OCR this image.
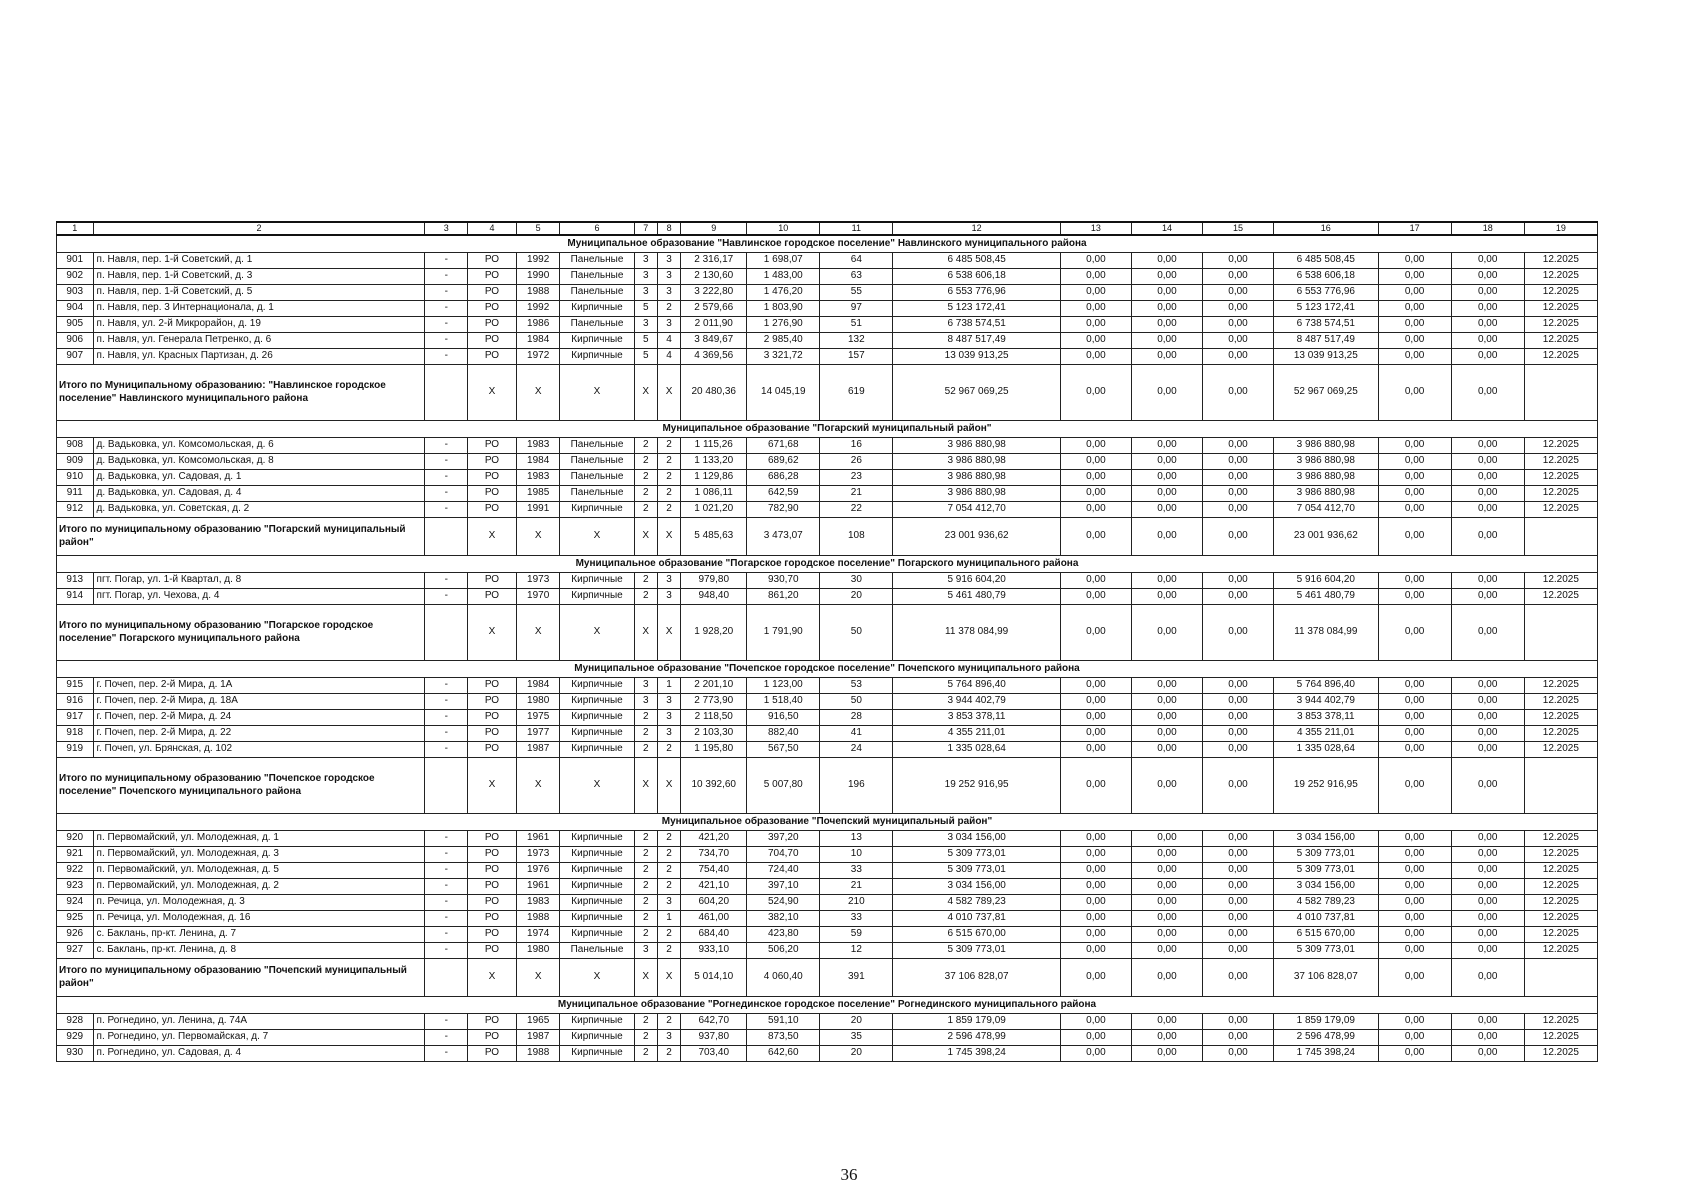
1	2	3	4	5	6	7	8	9	10	11	12	13	14	15	16	17	18	19
Муниципальное образование "Навлинское городское поселение" Навлинского муниципального района																		
901	п. Навля, пер. 1-й Советский, д. 1	-	РО	1992	Панельные	3	3	2 316,17	1 698,07	64	6 485 508,45	0,00	0,00	0,00	6 485 508,45	0,00	0,00	12.2025
902	п. Навля, пер. 1-й Советский, д. 3	-	РО	1990	Панельные	3	3	2 130,60	1 483,00	63	6 538 606,18	0,00	0,00	0,00	6 538 606,18	0,00	0,00	12.2025
903	п. Навля, пер. 1-й Советский, д. 5	-	РО	1988	Панельные	3	3	3 222,80	1 476,20	55	6 553 776,96	0,00	0,00	0,00	6 553 776,96	0,00	0,00	12.2025
904	п. Навля, пер. 3 Интернационала, д. 1	-	РО	1992	Кирпичные	5	2	2 579,66	1 803,90	97	5 123 172,41	0,00	0,00	0,00	5 123 172,41	0,00	0,00	12.2025
905	п. Навля, ул. 2-й Микрорайон, д. 19	-	РО	1986	Панельные	3	3	2 011,90	1 276,90	51	6 738 574,51	0,00	0,00	0,00	6 738 574,51	0,00	0,00	12.2025
906	п. Навля, ул. Генерала Петренко, д. 6	-	РО	1984	Кирпичные	5	4	3 849,67	2 985,40	132	8 487 517,49	0,00	0,00	0,00	8 487 517,49	0,00	0,00	12.2025
907	п. Навля, ул. Красных Партизан, д. 26	-	РО	1972	Кирпичные	5	4	4 369,56	3 321,72	157	13 039 913,25	0,00	0,00	0,00	13 039 913,25	0,00	0,00	12.2025
Итого по Муниципальному образованию: "Навлинское городское поселение" Навлинского муниципального района			X	X	X	X	X	20 480,36	14 045,19	619	52 967 069,25	0,00	0,00	0,00	52 967 069,25	0,00	0,00	
Муниципальное образование "Погарский муниципальный район"																		
908	д. Вадьковка, ул. Комсомольская, д. 6	-	РО	1983	Панельные	2	2	1 115,26	671,68	16	3 986 880,98	0,00	0,00	0,00	3 986 880,98	0,00	0,00	12.2025
909	д. Вадьковка, ул. Комсомольская, д. 8	-	РО	1984	Панельные	2	2	1 133,20	689,62	26	3 986 880,98	0,00	0,00	0,00	3 986 880,98	0,00	0,00	12.2025
910	д. Вадьковка, ул. Садовая, д. 1	-	РО	1983	Панельные	2	2	1 129,86	686,28	23	3 986 880,98	0,00	0,00	0,00	3 986 880,98	0,00	0,00	12.2025
911	д. Вадьковка, ул. Садовая, д. 4	-	РО	1985	Панельные	2	2	1 086,11	642,59	21	3 986 880,98	0,00	0,00	0,00	3 986 880,98	0,00	0,00	12.2025
912	д. Вадьковка, ул. Советская, д. 2	-	РО	1991	Кирпичные	2	2	1 021,20	782,90	22	7 054 412,70	0,00	0,00	0,00	7 054 412,70	0,00	0,00	12.2025
Итого по муниципальному образованию "Погарский муниципальный район"			X	X	X	X	X	5 485,63	3 473,07	108	23 001 936,62	0,00	0,00	0,00	23 001 936,62	0,00	0,00	
Муниципальное образование "Погарское городское поселение" Погарского муниципального района																		
913	пгт. Погар, ул. 1-й Квартал, д. 8	-	РО	1973	Кирпичные	2	3	979,80	930,70	30	5 916 604,20	0,00	0,00	0,00	5 916 604,20	0,00	0,00	12.2025
914	пгт. Погар, ул. Чехова, д. 4	-	РО	1970	Кирпичные	2	3	948,40	861,20	20	5 461 480,79	0,00	0,00	0,00	5 461 480,79	0,00	0,00	12.2025
Итого по муниципальному образованию "Погарское городское поселение" Погарского муниципального района			X	X	X	X	X	1 928,20	1 791,90	50	11 378 084,99	0,00	0,00	0,00	11 378 084,99	0,00	0,00	
Муниципальное образование "Почепское городское поселение" Почепского муниципального района																		
915	г. Почеп, пер. 2-й Мира, д. 1А	-	РО	1984	Кирпичные	3	1	2 201,10	1 123,00	53	5 764 896,40	0,00	0,00	0,00	5 764 896,40	0,00	0,00	12.2025
916	г. Почеп, пер. 2-й Мира, д. 18А	-	РО	1980	Кирпичные	3	3	2 773,90	1 518,40	50	3 944 402,79	0,00	0,00	0,00	3 944 402,79	0,00	0,00	12.2025
917	г. Почеп, пер. 2-й Мира, д. 24	-	РО	1975	Кирпичные	2	3	2 118,50	916,50	28	3 853 378,11	0,00	0,00	0,00	3 853 378,11	0,00	0,00	12.2025
918	г. Почеп, пер. 2-й Мира, д. 22	-	РО	1977	Кирпичные	2	3	2 103,30	882,40	41	4 355 211,01	0,00	0,00	0,00	4 355 211,01	0,00	0,00	12.2025
919	г. Почеп, ул. Брянская, д. 102	-	РО	1987	Кирпичные	2	2	1 195,80	567,50	24	1 335 028,64	0,00	0,00	0,00	1 335 028,64	0,00	0,00	12.2025
Итого по муниципальному образованию "Почепское городское поселение" Почепского муниципального района			X	X	X	X	X	10 392,60	5 007,80	196	19 252 916,95	0,00	0,00	0,00	19 252 916,95	0,00	0,00	
Муниципальное образование "Почепский муниципальный район"																		
920	п. Первомайский, ул. Молодежная, д. 1	-	РО	1961	Кирпичные	2	2	421,20	397,20	13	3 034 156,00	0,00	0,00	0,00	3 034 156,00	0,00	0,00	12.2025
921	п. Первомайский, ул. Молодежная, д. 3	-	РО	1973	Кирпичные	2	2	734,70	704,70	10	5 309 773,01	0,00	0,00	0,00	5 309 773,01	0,00	0,00	12.2025
922	п. Первомайский, ул. Молодежная, д. 5	-	РО	1976	Кирпичные	2	2	754,40	724,40	33	5 309 773,01	0,00	0,00	0,00	5 309 773,01	0,00	0,00	12.2025
923	п. Первомайский, ул. Молодежная, д. 2	-	РО	1961	Кирпичные	2	2	421,10	397,10	21	3 034 156,00	0,00	0,00	0,00	3 034 156,00	0,00	0,00	12.2025
924	п. Речица, ул. Молодежная, д. 3	-	РО	1983	Кирпичные	2	3	604,20	524,90	210	4 582 789,23	0,00	0,00	0,00	4 582 789,23	0,00	0,00	12.2025
925	п. Речица, ул. Молодежная, д. 16	-	РО	1988	Кирпичные	2	1	461,00	382,10	33	4 010 737,81	0,00	0,00	0,00	4 010 737,81	0,00	0,00	12.2025
926	с. Баклань, пр-кт. Ленина, д. 7	-	РО	1974	Кирпичные	2	2	684,40	423,80	59	6 515 670,00	0,00	0,00	0,00	6 515 670,00	0,00	0,00	12.2025
927	с. Баклань, пр-кт. Ленина, д. 8	-	РО	1980	Панельные	3	2	933,10	506,20	12	5 309 773,01	0,00	0,00	0,00	5 309 773,01	0,00	0,00	12.2025
Итого по муниципальному образованию "Почепский муниципальный район"			X	X	X	X	X	5 014,10	4 060,40	391	37 106 828,07	0,00	0,00	0,00	37 106 828,07	0,00	0,00	
Муниципальное образование "Рогнединское городское поселение" Рогнединского муниципального района																		
928	п. Рогнедино, ул. Ленина, д. 74А	-	РО	1965	Кирпичные	2	2	642,70	591,10	20	1 859 179,09	0,00	0,00	0,00	1 859 179,09	0,00	0,00	12.2025
929	п. Рогнедино, ул. Первомайская, д. 7	-	РО	1987	Кирпичные	2	3	937,80	873,50	35	2 596 478,99	0,00	0,00	0,00	2 596 478,99	0,00	0,00	12.2025
930	п. Рогнедино, ул. Садовая, д. 4	-	РО	1988	Кирпичные	2	2	703,40	642,60	20	1 745 398,24	0,00	0,00	0,00	1 745 398,24	0,00	0,00	12.2025
36
